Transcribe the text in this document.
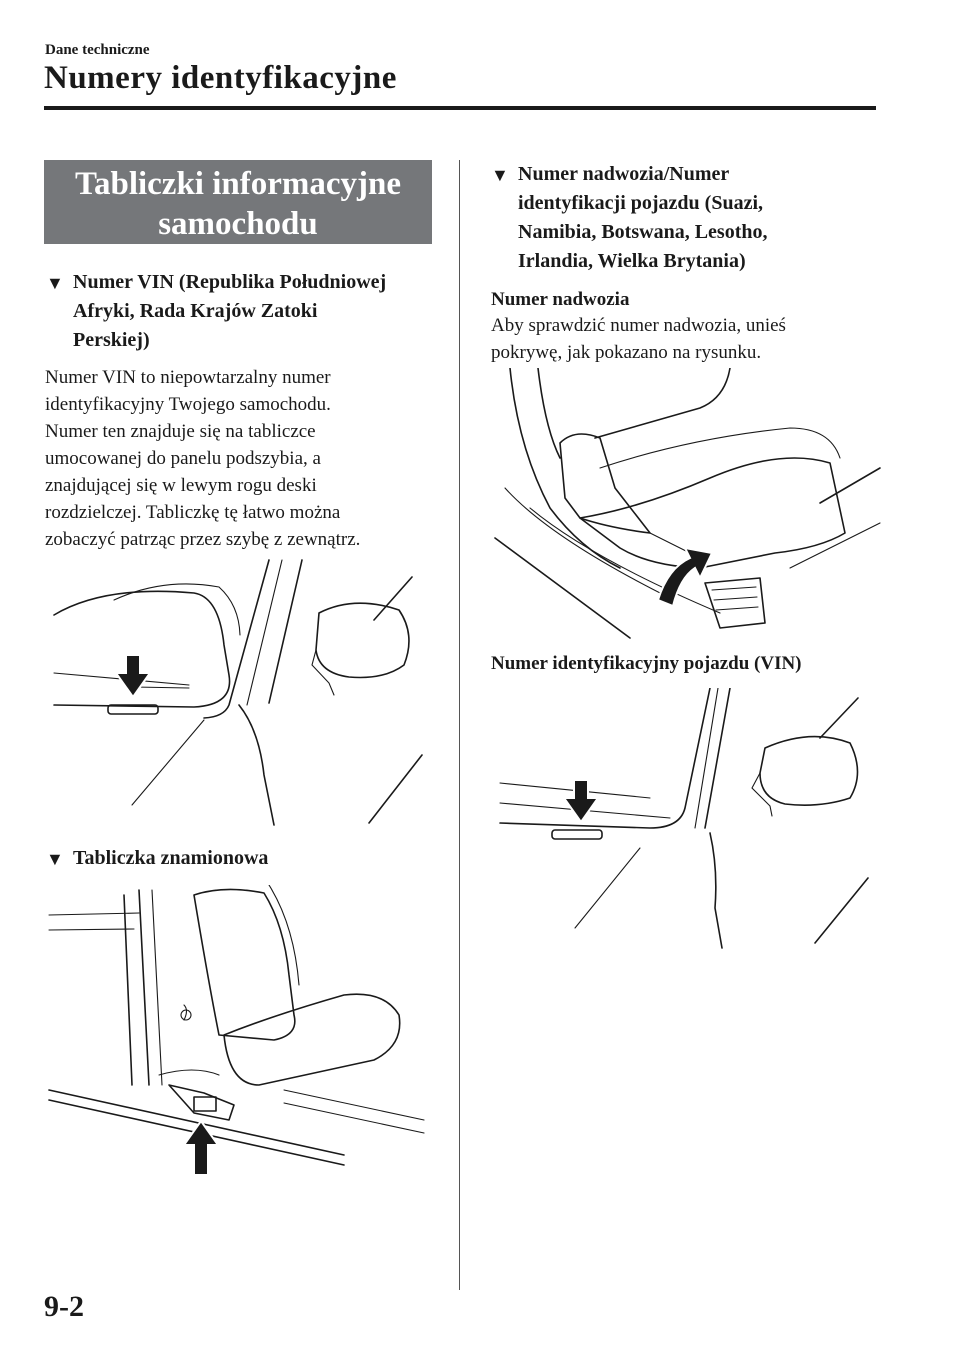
Dane techniczne
Numery identyfikacyjne
Tabliczki informacyjne
samochodu
▼ Numer VIN (Republika Południowej
Afryki, Rada Krajów Zatoki
Perskiej)
Numer VIN to niepowtarzalny numer
identyfikacyjny Twojego samochodu.
Numer ten znajduje się na tabliczce
umocowanej do panelu podszybia, a
znajdującej się w lewym rogu deski
rozdzielczej. Tabliczkę tę łatwo można
zobaczyć patrząc przez szybę z zewnątrz.
▼ Tabliczka znamionowa
▼ Numer nadwozia/Numer
identyfikacji pojazdu (Suazi,
Namibia, Botswana, Lesotho,
Irlandia, Wielka Brytania)
Numer nadwozia
Aby sprawdzić numer nadwozia, unieś
pokrywę, jak pokazano na rysunku.
Numer identyfikacyjny pojazdu (VIN)
9-2
